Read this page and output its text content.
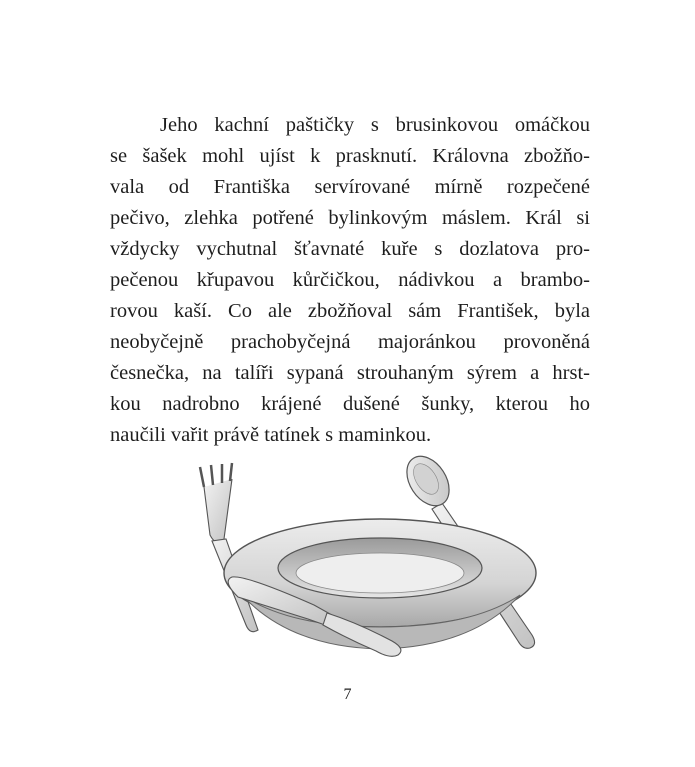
Jeho kachní paštičky s brusinkovou omáčkou
se šašek mohl ujíst k prasknutí. Královna zbožňo-
vala od Františka servírované mírně rozpečené
pečivo, zlehka potřené bylinkovým máslem. Král si
vždycky vychutnal šťavnaté kuře s dozlatova pro-
pečenou křupavou kůrčičkou, nádivkou a brambo-
rovou kaší. Co ale zbožňoval sám František, byla
neobyčejně prachobyčejná majoránkou provoněná
česnečka, na talíři sypaná strouhaným sýrem a hrst-
kou nadrobno krájené dušené šunky, kterou ho
naučili vařit právě tatínek s maminkou.
7
